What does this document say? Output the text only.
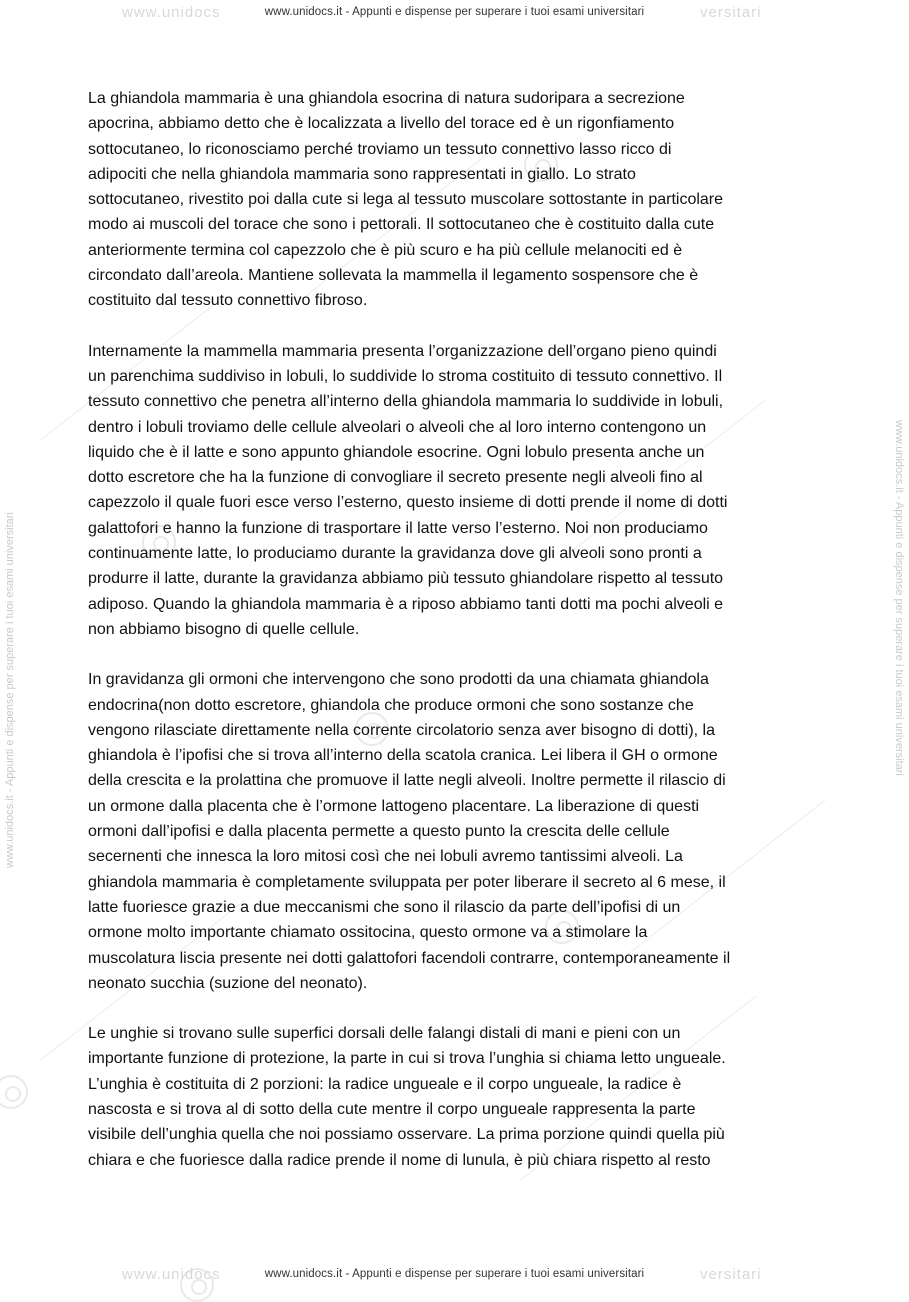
www.unidocs	versitari
www.unidocs.it - Appunti e dispense per superare i tuoi esami universitari
www.unidocs.it - Appunti e dispense per superare i tuoi esami universitari	www.unidocs.it - Appunti e dispense per superare i tuoi esami universitari

La ghiandola mammaria è una ghiandola esocrina di natura sudoripara a secrezione
apocrina, abbiamo detto che è localizzata a livello del torace ed è un rigonfiamento
sottocutaneo, lo riconosciamo perché troviamo un tessuto connettivo lasso ricco di
adipociti che nella ghiandola mammaria sono rappresentati in giallo. Lo strato
sottocutaneo, rivestito poi dalla cute si lega al tessuto muscolare sottostante in particolare
modo ai muscoli del torace che sono i pettorali. Il sottocutaneo che è costituito dalla cute
anteriormente termina col capezzolo che è più scuro e ha più cellule melanociti ed è
circondato dall’areola. Mantiene sollevata la mammella il legamento sospensore che è
costituito dal tessuto connettivo fibroso.

Internamente la mammella mammaria presenta l’organizzazione dell’organo pieno quindi
un parenchima suddiviso in lobuli, lo suddivide lo stroma costituito di tessuto connettivo. Il
tessuto connettivo che penetra all’interno della ghiandola mammaria lo suddivide in lobuli,
dentro i lobuli troviamo delle cellule alveolari o alveoli che al loro interno contengono un
liquido che è il latte e sono appunto ghiandole esocrine. Ogni lobulo presenta anche un
dotto escretore che ha la funzione di convogliare il secreto presente negli alveoli fino al
capezzolo il quale fuori esce verso l’esterno, questo insieme di dotti prende il nome di dotti
galattofori e hanno la funzione di trasportare il latte verso l’esterno. Noi non produciamo
continuamente latte, lo produciamo durante la gravidanza dove gli alveoli sono pronti a
produrre il latte, durante la gravidanza abbiamo più tessuto ghiandolare rispetto al tessuto
adiposo. Quando la ghiandola mammaria è a riposo abbiamo tanti dotti ma pochi alveoli e
non abbiamo bisogno di quelle cellule.

In gravidanza gli ormoni che intervengono che sono prodotti da una chiamata ghiandola
endocrina(non dotto escretore, ghiandola che produce ormoni che sono sostanze che
vengono rilasciate direttamente nella corrente circolatorio senza aver bisogno di dotti), la
ghiandola è l’ipofisi che si trova all’interno della scatola cranica. Lei libera il GH o ormone
della crescita e la prolattina che promuove il latte negli alveoli. Inoltre permette il rilascio di
un ormone dalla placenta che è l’ormone lattogeno placentare. La liberazione di questi
ormoni dall’ipofisi e dalla placenta permette a questo punto la crescita delle cellule
secernenti che innesca la loro mitosi così che nei lobuli avremo tantissimi alveoli. La
ghiandola mammaria è completamente sviluppata per poter liberare il secreto al 6 mese, il
latte fuoriesce grazie a due meccanismi che sono il rilascio da parte dell’ipofisi di un
ormone molto importante chiamato ossitocina, questo ormone va a stimolare la
muscolatura liscia presente nei dotti galattofori facendoli contrarre, contemporaneamente il
neonato succhia (suzione del neonato).

Le unghie si trovano sulle superfici dorsali delle falangi distali di mani e pieni con un
importante funzione di protezione, la parte in cui si trova l’unghia si chiama letto ungueale.
L’unghia è costituita di 2 porzioni: la radice ungueale e il corpo ungueale, la radice è
nascosta e si trova al di sotto della cute mentre il corpo ungueale rappresenta la parte
visibile dell’unghia quella che noi possiamo osservare. La prima porzione quindi quella più
chiara e che fuoriesce dalla radice prende il nome di lunula, è più chiara rispetto al resto

www.unidocs	versitari
www.unidocs.it - Appunti e dispense per superare i tuoi esami universitari
